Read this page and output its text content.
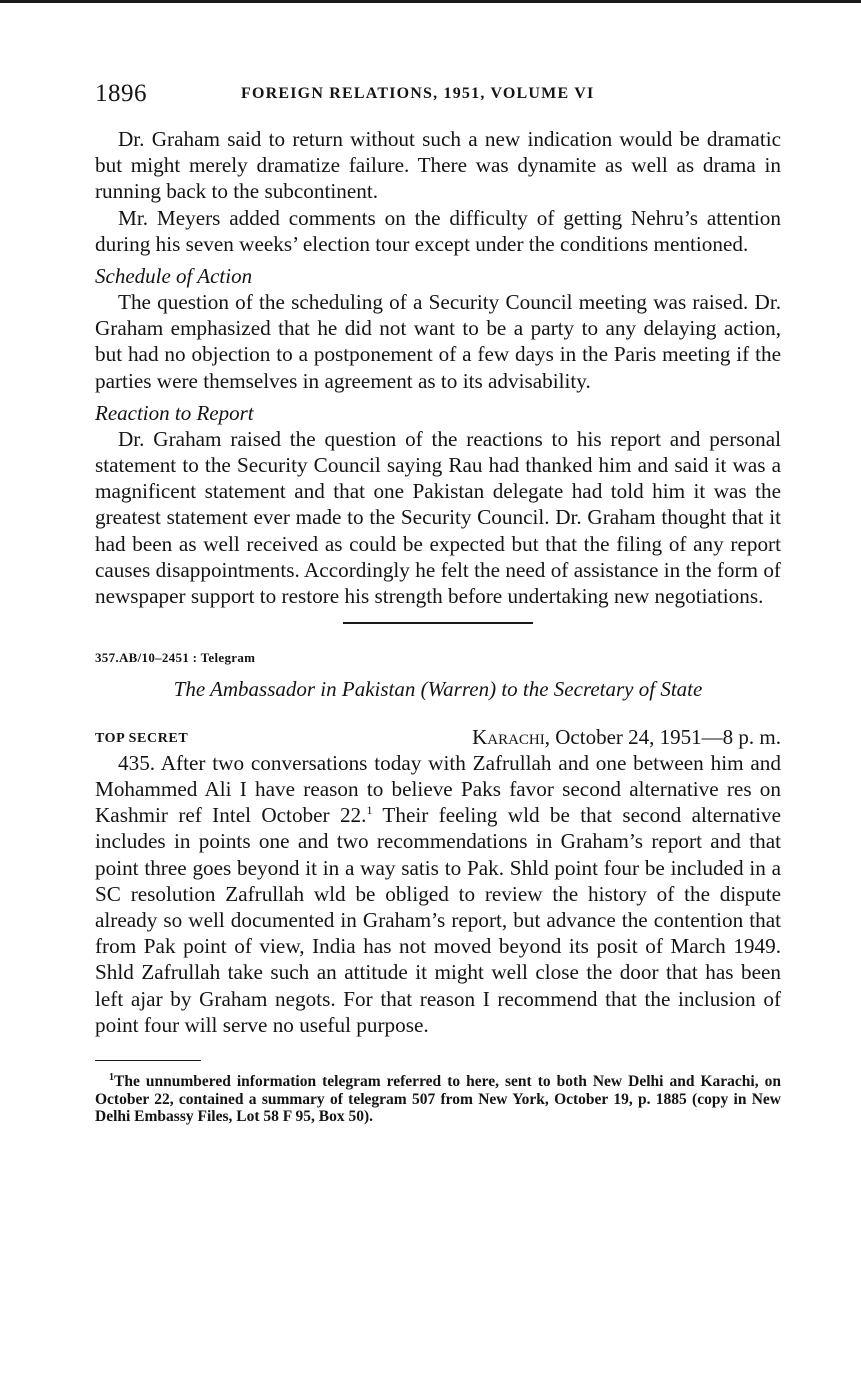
1896	FOREIGN RELATIONS, 1951, VOLUME VI

Dr. Graham said to return without such a new indication would be dramatic but might merely dramatize failure. There was dynamite as well as drama in running back to the subcontinent.

Mr. Meyers added comments on the difficulty of getting Nehru’s attention during his seven weeks’ election tour except under the conditions mentioned.

Schedule of Action

The question of the scheduling of a Security Council meeting was raised. Dr. Graham emphasized that he did not want to be a party to any delaying action, but had no objection to a postponement of a few days in the Paris meeting if the parties were themselves in agreement as to its advisability.

Reaction to Report

Dr. Graham raised the question of the reactions to his report and personal statement to the Security Council saying Rau had thanked him and said it was a magnificent statement and that one Pakistan delegate had told him it was the greatest statement ever made to the Security Council. Dr. Graham thought that it had been as well received as could be expected but that the filing of any report causes disappointments. Accordingly he felt the need of assistance in the form of newspaper support to restore his strength before undertaking new negotiations.

357.AB/10–2451 : Telegram
The Ambassador in Pakistan (Warren) to the Secretary of State
TOP SECRET	Karachi, October 24, 1951—8 p. m.

435. After two conversations today with Zafrullah and one between him and Mohammed Ali I have reason to believe Paks favor second alternative res on Kashmir ref Intel October 22.$^1$ Their feeling wld be that second alternative includes in points one and two recommendations in Graham’s report and that point three goes beyond it in a way satis to Pak. Shld point four be included in a SC resolution Zafrullah wld be obliged to review the history of the dispute already so well documented in Graham’s report, but advance the contention that from Pak point of view, India has not moved beyond its posit of March 1949. Shld Zafrullah take such an attitude it might well close the door that has been left ajar by Graham negots. For that reason I recommend that the inclusion of point four will serve no useful purpose.

$^1$The unnumbered information telegram referred to here, sent to both New Delhi and Karachi, on October 22, contained a summary of telegram 507 from New York, October 19, p. 1885 (copy in New Delhi Embassy Files, Lot 58 F 95, Box 50).
